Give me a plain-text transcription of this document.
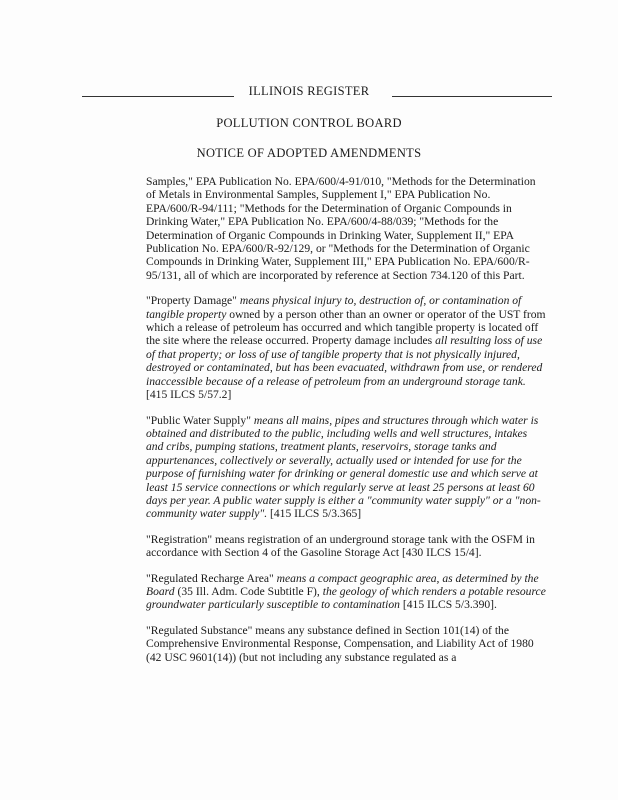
ILLINOIS REGISTER
POLLUTION CONTROL BOARD
NOTICE OF ADOPTED AMENDMENTS

Samples," EPA Publication No. EPA/600/4-91/010, "Methods for the Determination of Metals in Environmental Samples, Supplement I," EPA Publication No. EPA/600/R-94/111; "Methods for the Determination of Organic Compounds in Drinking Water," EPA Publication No. EPA/600/4-88/039; "Methods for the Determination of Organic Compounds in Drinking Water, Supplement II," EPA Publication No. EPA/600/R-92/129, or "Methods for the Determination of Organic Compounds in Drinking Water, Supplement III," EPA Publication No. EPA/600/R-95/131, all of which are incorporated by reference at Section 734.120 of this Part.

"Property Damage" means physical injury to, destruction of, or contamination of tangible property owned by a person other than an owner or operator of the UST from which a release of petroleum has occurred and which tangible property is located off the site where the release occurred. Property damage includes all resulting loss of use of that property; or loss of use of tangible property that is not physically injured, destroyed or contaminated, but has been evacuated, withdrawn from use, or rendered inaccessible because of a release of petroleum from an underground storage tank. [415 ILCS 5/57.2]

"Public Water Supply" means all mains, pipes and structures through which water is obtained and distributed to the public, including wells and well structures, intakes and cribs, pumping stations, treatment plants, reservoirs, storage tanks and appurtenances, collectively or severally, actually used or intended for use for the purpose of furnishing water for drinking or general domestic use and which serve at least 15 service connections or which regularly serve at least 25 persons at least 60 days per year. A public water supply is either a "community water supply" or a "non-community water supply". [415 ILCS 5/3.365]

"Registration" means registration of an underground storage tank with the OSFM in accordance with Section 4 of the Gasoline Storage Act [430 ILCS 15/4].

"Regulated Recharge Area" means a compact geographic area, as determined by the Board (35 Ill. Adm. Code Subtitle F), the geology of which renders a potable resource groundwater particularly susceptible to contamination [415 ILCS 5/3.390].

"Regulated Substance" means any substance defined in Section 101(14) of the Comprehensive Environmental Response, Compensation, and Liability Act of 1980 (42 USC 9601(14)) (but not including any substance regulated as a
